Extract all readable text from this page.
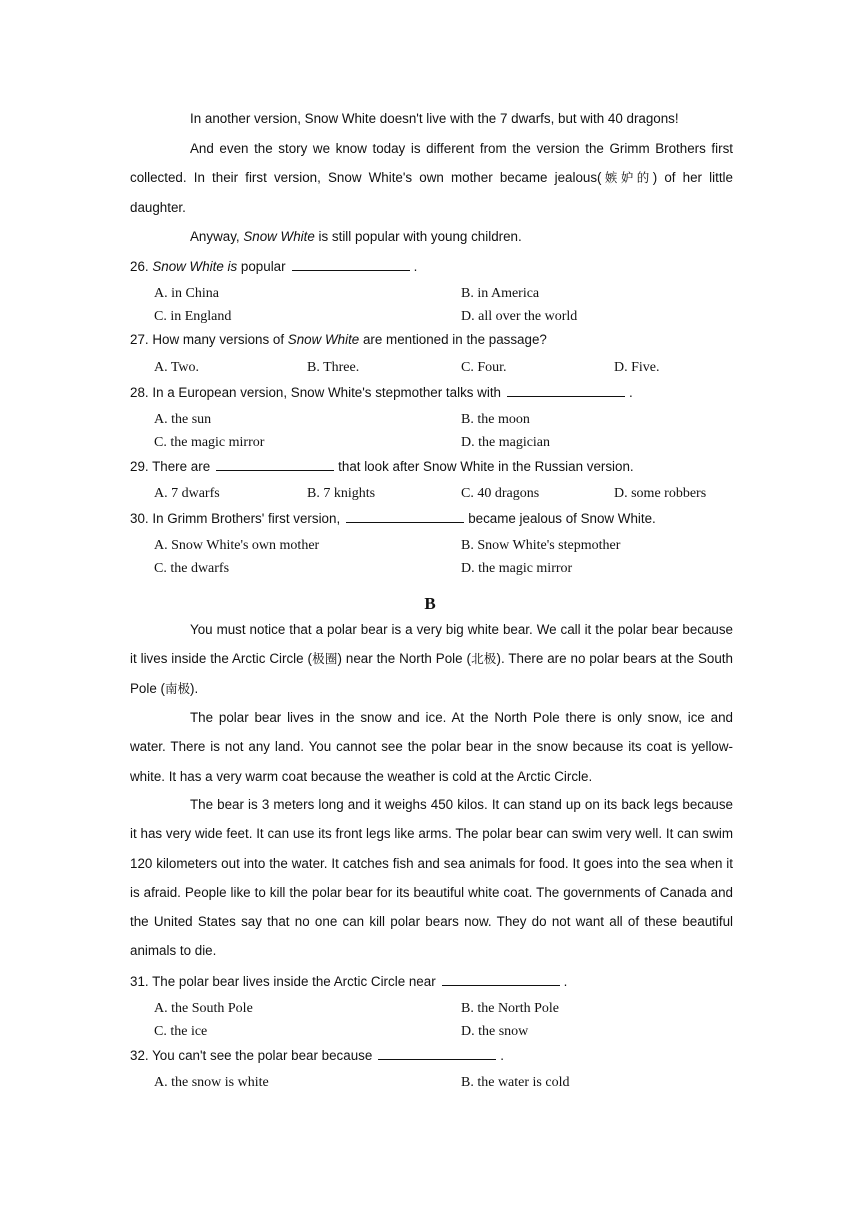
In another version, Snow White doesn't live with the 7 dwarfs, but with 40 dragons!

And even the story we know today is different from the version the Grimm Brothers first collected. In their first version, Snow White's own mother became jealous(嫉妒的) of her little daughter.

Anyway, Snow White is still popular with young children.

26. Snow White is popular	.
A. in China	B. in America
C. in England	D. all over the world
27. How many versions of Snow White are mentioned in the passage?
A. Two.	B. Three.	C. Four.	D. Five.
28. In a European version, Snow White's stepmother talks with	.
A. the sun	B. the moon
C. the magic mirror	D. the magician
29. There are	that look after Snow White in the Russian version.
A. 7 dwarfs	B. 7 knights	C. 40 dragons	D. some robbers
30. In Grimm Brothers' first version,	became jealous of Snow White.
A. Snow White's own mother	B. Snow White's stepmother
C. the dwarfs	D. the magic mirror
B

You must notice that a polar bear is a very big white bear. We call it the polar bear because it lives inside the Arctic Circle (极圈) near the North Pole (北极). There are no polar bears at the South Pole (南极).

The polar bear lives in the snow and ice. At the North Pole there is only snow, ice and water. There is not any land. You cannot see the polar bear in the snow because its coat is yellow-white. It has a very warm coat because the weather is cold at the Arctic Circle.

The bear is 3 meters long and it weighs 450 kilos. It can stand up on its back legs because it has very wide feet. It can use its front legs like arms. The polar bear can swim very well. It can swim 120 kilometers out into the water. It catches fish and sea animals for food. It goes into the sea when it is afraid. People like to kill the polar bear for its beautiful white coat. The governments of Canada and the United States say that no one can kill polar bears now. They do not want all of these beautiful animals to die.

31. The polar bear lives inside the Arctic Circle near	.
A. the South Pole	B. the North Pole
C. the ice	D. the snow
32. You can't see the polar bear because	.
A. the snow is white	B. the water is cold
